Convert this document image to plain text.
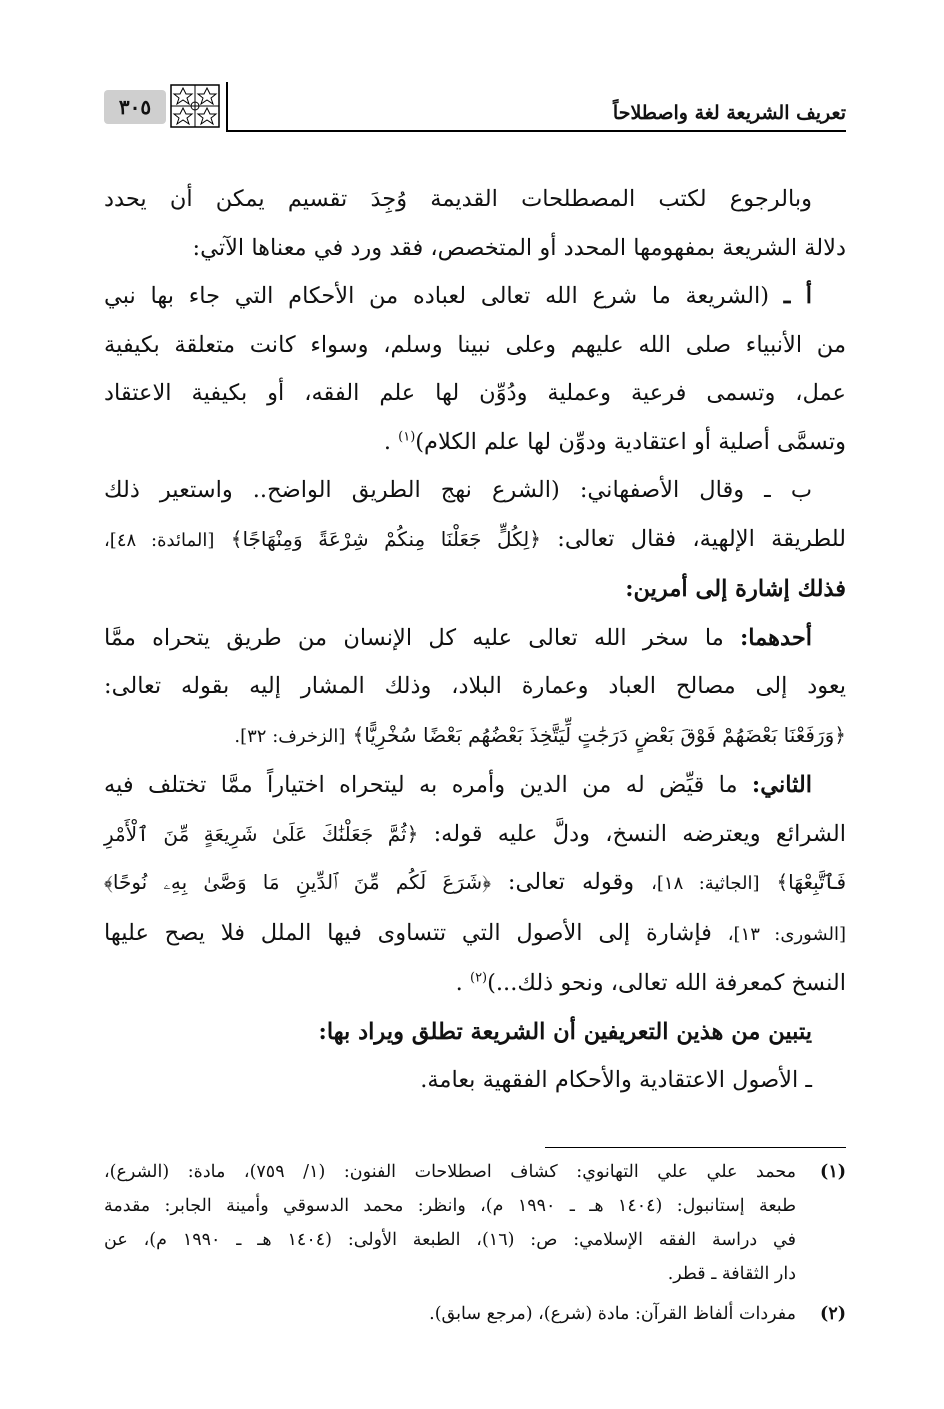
تعريف الشريعة لغة واصطلاحاً
٣٠٥
وبالرجوع لكتب المصطلحات القديمة وُجِدَ تقسيم يمكن أن يحدد
دلالة الشريعة بمفهومها المحدد أو المتخصص، فقد ورد في معناها الآتي:
أ ـ (الشريعة ما شرع الله تعالى لعباده من الأحكام التي جاء بها نبي
من الأنبياء صلى الله عليهم وعلى نبينا وسلم، وسواء كانت متعلقة بكيفية
عمل، وتسمى فرعية وعملية ودُوِّن لها علم الفقه، أو بكيفية الاعتقاد
وتسمَّى أصلية أو اعتقادية ودوِّن لها علم الكلام)$^{(١)}$ .
ب ـ وقال الأصفهاني: (الشرع نهج الطريق الواضح.. واستعير ذلك
للطريقة الإلهية، فقال تعالى: ﴿لِكُلٍّ جَعَلْنَا مِنكُمْ شِرْعَةً وَمِنْهَاجًا﴾ [المائدة: ٤٨]،
فذلك إشارة إلى أمرين:
أحدهما: ما سخر الله تعالى عليه كل الإنسان من طريق يتحراه ممَّا
يعود إلى مصالح العباد وعمارة البلاد، وذلك المشار إليه بقوله تعالى:
﴿وَرَفَعْنَا بَعْضَهُمْ فَوْقَ بَعْضٍ دَرَجَٰتٍ لِّيَتَّخِذَ بَعْضُهُم بَعْضًا سُخْرِيًّا﴾ [الزخرف: ٣٢].
الثاني: ما قيِّض له من الدين وأمره به ليتحراه اختياراً ممَّا تختلف فيه
الشرائع ويعترضه النسخ، ودلَّ عليه قوله: ﴿ثُمَّ جَعَلْنَٰكَ عَلَىٰ شَرِيعَةٍ مِّنَ ٱلْأَمْرِ
فَٱتَّبِعْهَا﴾ [الجاثية: ١٨]، وقوله تعالى: ﴿شَرَعَ لَكُم مِّنَ ٱلدِّينِ مَا وَصَّىٰ بِهِۦ نُوحًا﴾
[الشورى: ١٣]، فإشارة إلى الأصول التي تتساوى فيها الملل فلا يصح عليها
النسخ كمعرفة الله تعالى، ونحو ذلك...)$^{(٢)}$ .
يتبين من هذين التعريفين أن الشريعة تطلق ويراد بها:
ـ الأصول الاعتقادية والأحكام الفقهية بعامة.
(١)
محمد علي علي التهانوي: كشاف اصطلاحات الفنون: (١/ ٧٥٩)، مادة: (الشرع)،
طبعة إستانبول: (١٤٠٤ هـ ـ ١٩٩٠ م)، وانظر: محمد الدسوقي وأمينة الجابر: مقدمة
في دراسة الفقه الإسلامي: ص: (١٦)، الطبعة الأولى: (١٤٠٤ هـ ـ ١٩٩٠ م)، عن
دار الثقافة ـ قطر.
(٢)
مفردات ألفاظ القرآن: مادة (شرع)، (مرجع سابق).
